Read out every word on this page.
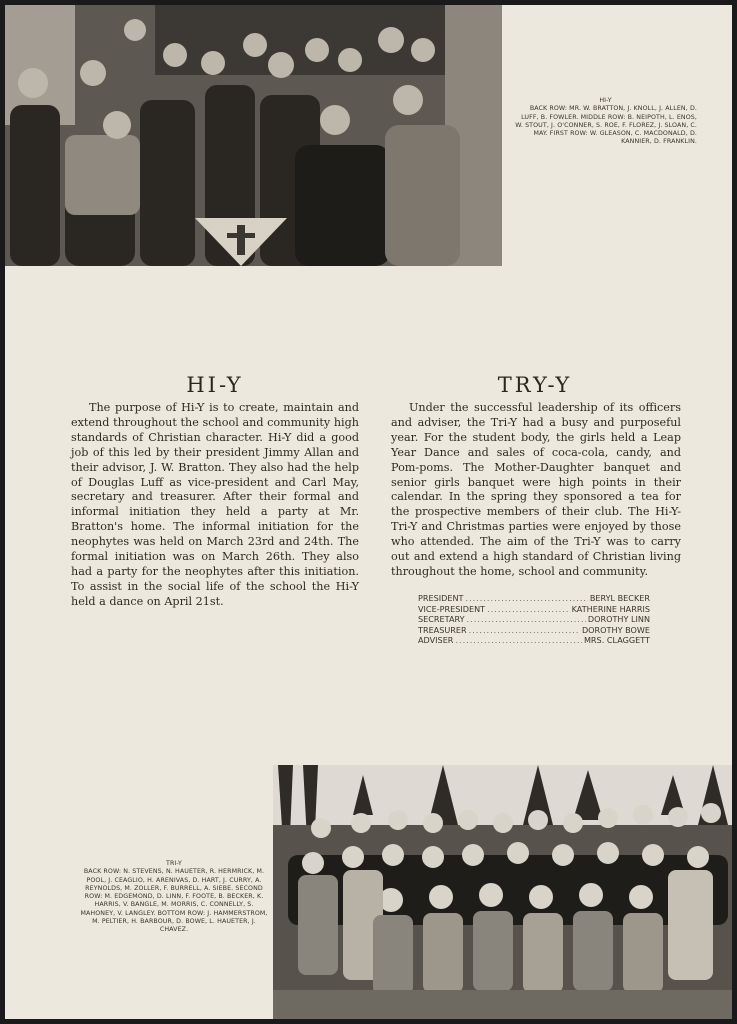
HI-Y
BACK ROW: MR. W. BRATTON, J. KNOLL, J. ALLEN, D. LUFF, B. FOWLER. MIDDLE ROW: B. NEIPOTH, L. ENOS, W. STOUT, J. O'CONNER, S. ROE, F. FLOREZ, J. SLOAN, C. MAY. FIRST ROW: W. GLEASON, C. MACDONALD, D. KANNIER, D. FRANKLIN.
HI-Y	TRY-Y
The purpose of Hi-Y is to create, maintain and extend throughout the school and community high standards of Christian character. Hi-Y did a good job of this led by their president Jimmy Allan and their advisor, J. W. Bratton. They also had the help of Douglas Luff as vice-president and Carl May, secretary and treasurer. After their formal and informal initiation they held a party at Mr. Bratton's home. The informal initiation for the neophytes was held on March 23rd and 24th. The formal initiation was on March 26th. They also had a party for the neophytes after this initiation. To assist in the social life of the school the Hi-Y held a dance on April 21st.
Under the successful leadership of its officers and adviser, the Tri-Y had a busy and purposeful year. For the student body, the girls held a Leap Year Dance and sales of coca-cola, candy, and Pom-poms. The Mother-Daughter banquet and senior girls banquet were high points in their calendar. In the spring they sponsored a tea for the prospective members of their club. The Hi-Y-Tri-Y and Christmas parties were enjoyed by those who attended. The aim of the Tri-Y was to carry out and extend a high standard of Christian living throughout the home, school and community.
PRESIDENT .....	BERYL BECKER
VICE-PRESIDENT .....	KATHERINE HARRIS
SECRETARY .....	DOROTHY LINN
TREASURER .....	DOROTHY BOWE
ADVISER .....	MRS. CLAGGETT
TRI-Y
BACK ROW: N. STEVENS, N. HAUETER, R. HERMRICK, M. POOL, J. CEAGLIO, H. ARENIVAS, D. HART, J. CURRY, A. REYNOLDS, M. ZOLLER, F. BURRELL, A. SIEBE. SECOND ROW: M. EDGEMOND, D. LINN, F. FOOTE, B. BECKER, K. HARRIS, V. BANGLE, M. MORRIS, C. CONNELLY, S. MAHONEY, V. LANGLEY. BOTTOM ROW: J. HAMMERSTROM, M. PELTIER, H. BARBOUR, D. BOWE, L. HAUETER, J. CHAVEZ.
